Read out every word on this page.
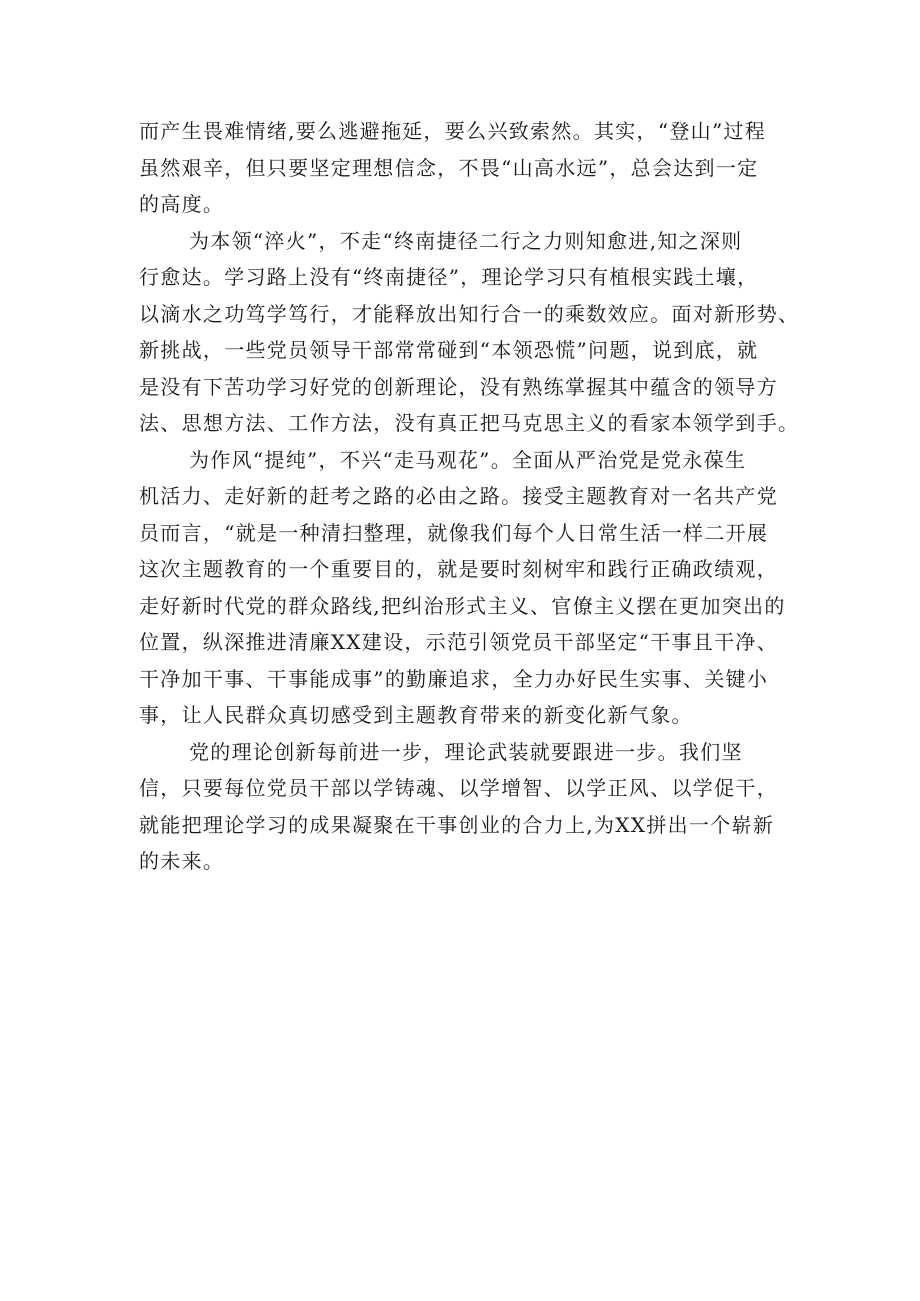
而产生畏难情绪,要么逃避拖延，要么兴致索然。其实，“登山”过程
虽然艰辛，但只要坚定理想信念，不畏“山高水远”，总会达到一定
的高度。
为本领“淬火”，不走“终南捷径二行之力则知愈进,知之深则
行愈达。学习路上没有“终南捷径”，理论学习只有植根实践土壤，
以滴水之功笃学笃行，才能释放出知行合一的乘数效应。面对新形势、
新挑战，一些党员领导干部常常碰到“本领恐慌”问题，说到底，就
是没有下苦功学习好党的创新理论，没有熟练掌握其中蕴含的领导方
法、思想方法、工作方法，没有真正把马克思主义的看家本领学到手。
为作风“提纯”，不兴“走马观花”。全面从严治党是党永葆生
机活力、走好新的赶考之路的必由之路。接受主题教育对一名共产党
员而言，“就是一种清扫整理，就像我们每个人日常生活一样二开展
这次主题教育的一个重要目的，就是要时刻树牢和践行正确政绩观，
走好新时代党的群众路线,把纠治形式主义、官僚主义摆在更加突出的
位置，纵深推进清廉XX建设，示范引领党员干部坚定“干事且干净、
干净加干事、干事能成事”的勤廉追求，全力办好民生实事、关键小
事，让人民群众真切感受到主题教育带来的新变化新气象。
党的理论创新每前进一步，理论武装就要跟进一步。我们坚
信，只要每位党员干部以学铸魂、以学增智、以学正风、以学促干，
就能把理论学习的成果凝聚在干事创业的合力上,为XX拼出一个崭新
的未来。
